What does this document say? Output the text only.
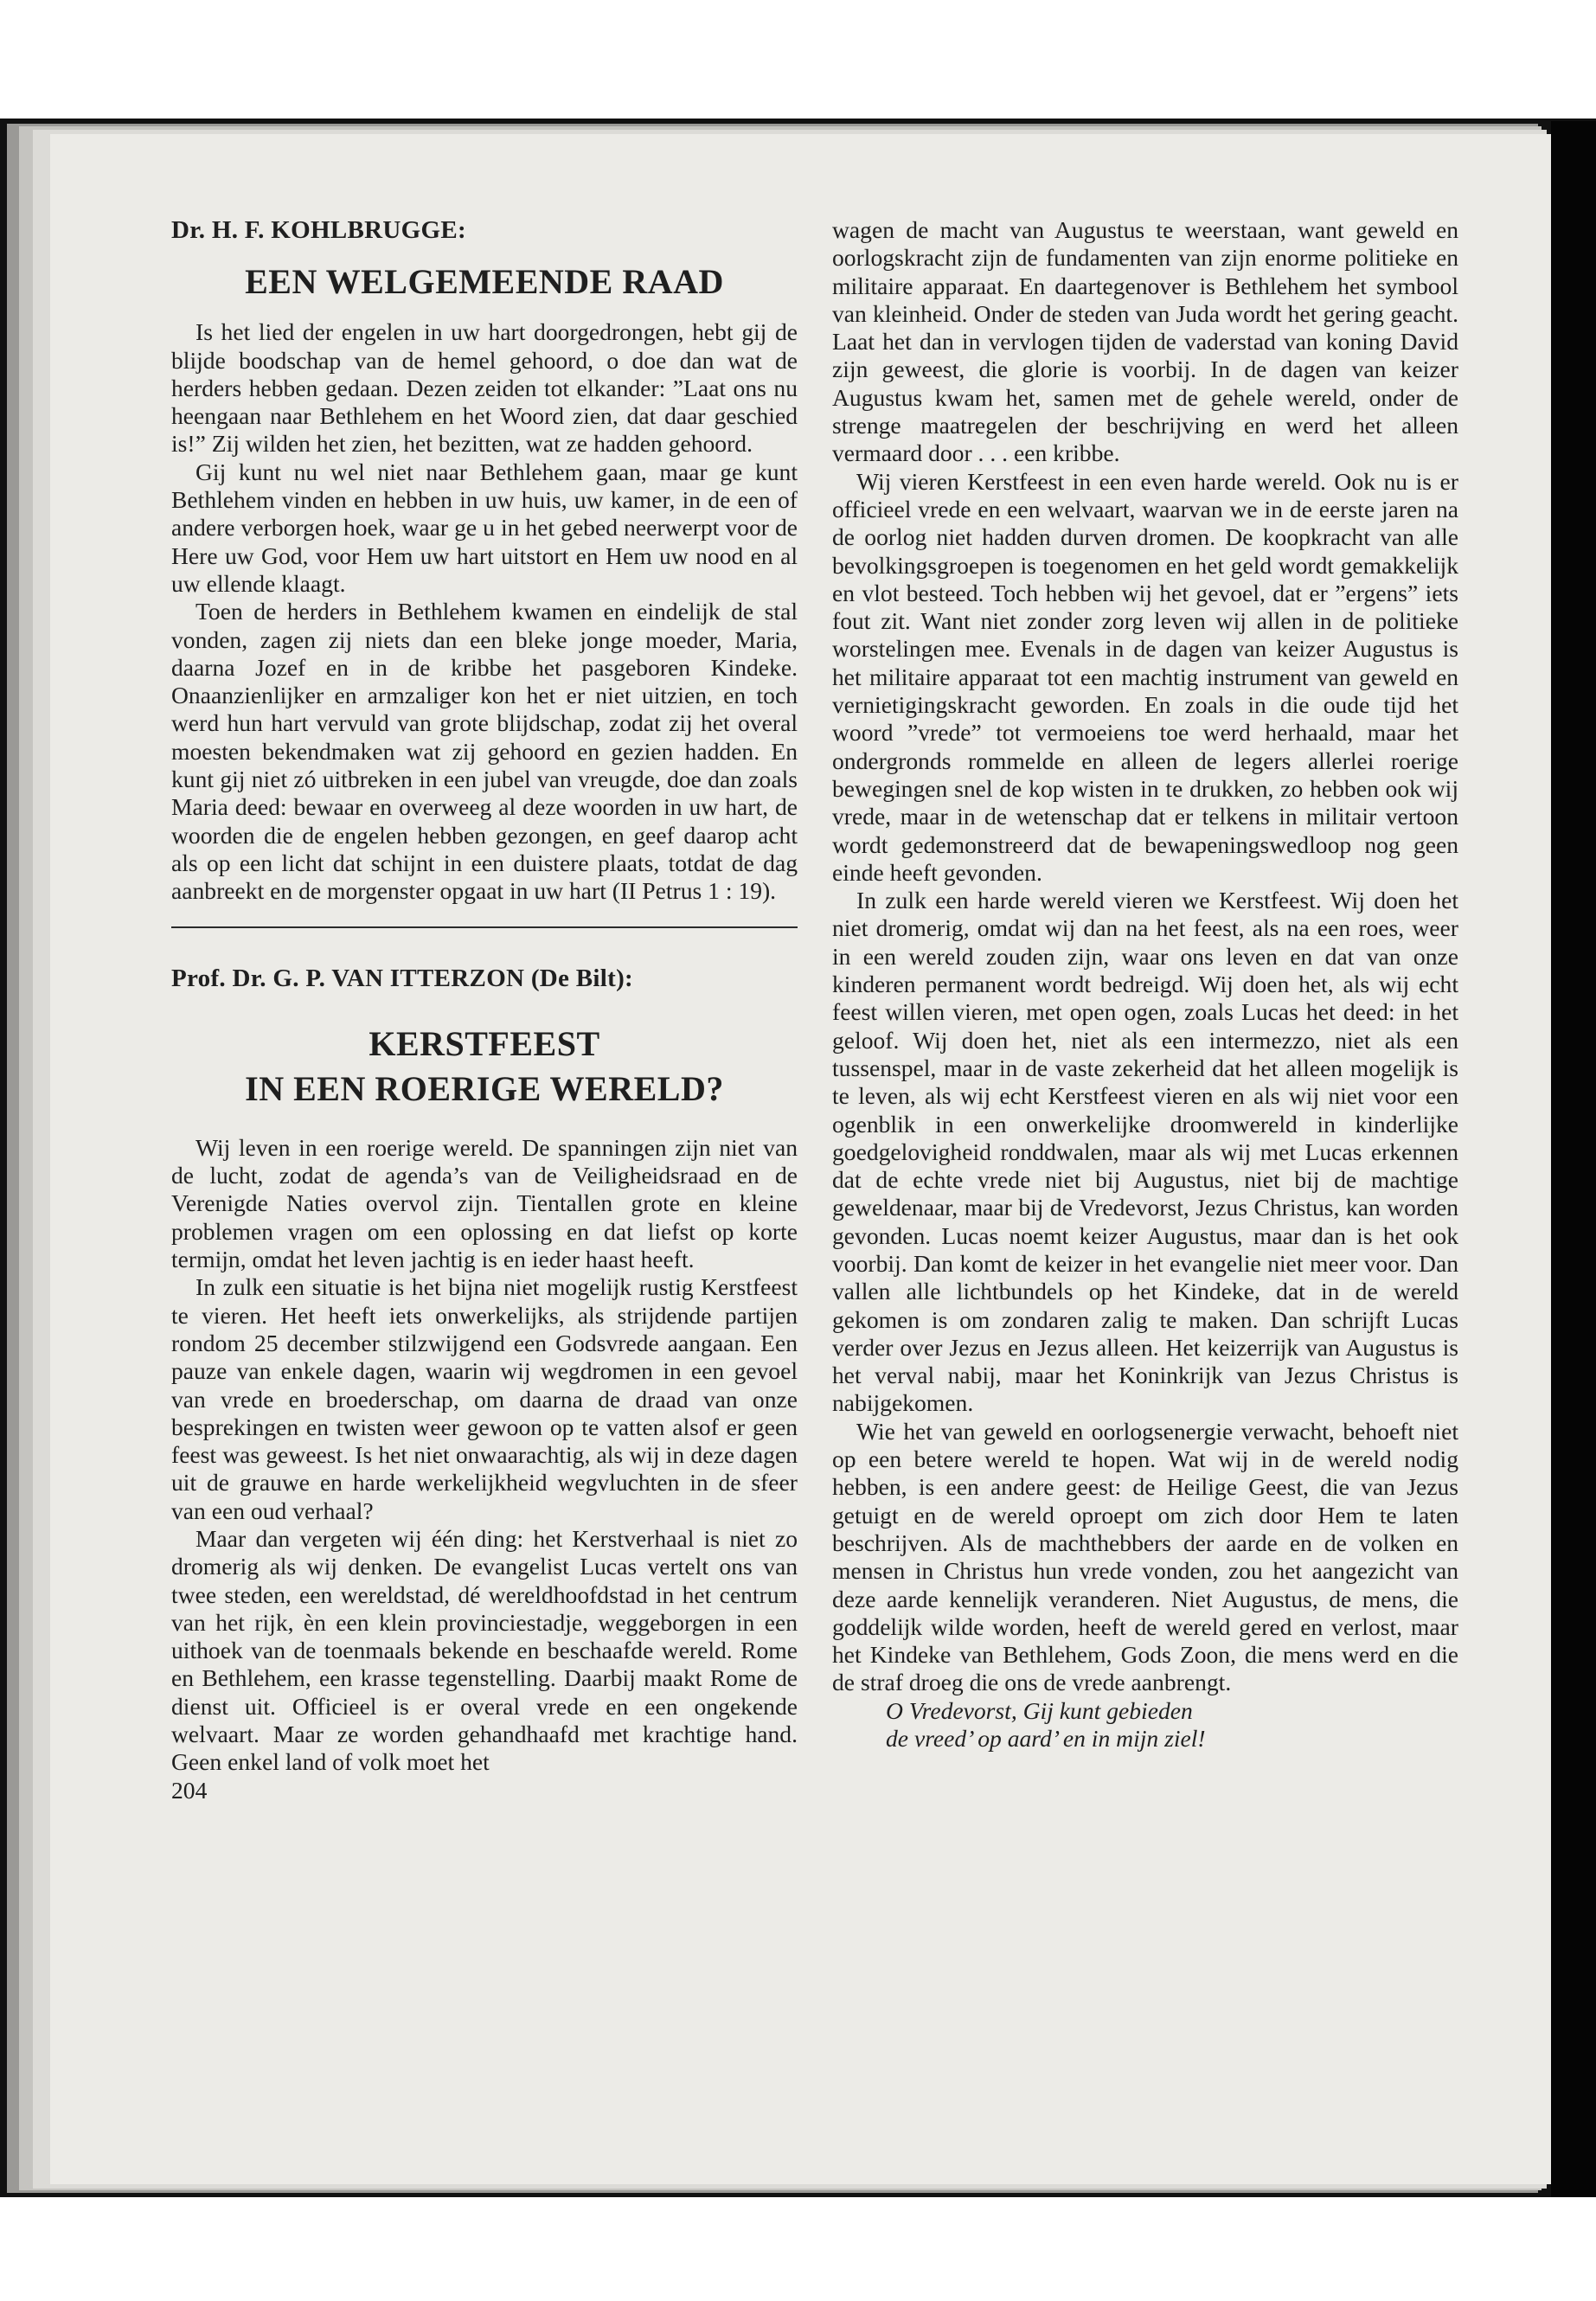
Dr. H. F. KOHLBRUGGE:

EEN WELGEMEENDE RAAD

Is het lied der engelen in uw hart doorgedrongen, hebt gij de blijde boodschap van de hemel gehoord, o doe dan wat de herders hebben gedaan. Dezen zeiden tot elkander: ”Laat ons nu heengaan naar Bethlehem en het Woord zien, dat daar geschied is!” Zij wilden het zien, het bezitten, wat ze hadden gehoord.

Gij kunt nu wel niet naar Bethlehem gaan, maar ge kunt Bethlehem vinden en hebben in uw huis, uw kamer, in de een of andere verborgen hoek, waar ge u in het gebed neerwerpt voor de Here uw God, voor Hem uw hart uitstort en Hem uw nood en al uw ellende klaagt.

Toen de herders in Bethlehem kwamen en eindelijk de stal vonden, zagen zij niets dan een bleke jonge moeder, Maria, daarna Jozef en in de kribbe het pasgeboren Kindeke. Onaanzienlijker en armzaliger kon het er niet uitzien, en toch werd hun hart vervuld van grote blijdschap, zodat zij het overal moesten bekendmaken wat zij gehoord en gezien hadden. En kunt gij niet zó uitbreken in een jubel van vreugde, doe dan zoals Maria deed: bewaar en overweeg al deze woorden in uw hart, de woorden die de engelen hebben gezongen, en geef daarop acht als op een licht dat schijnt in een duistere plaats, totdat de dag aanbreekt en de morgenster opgaat in uw hart (II Petrus 1 : 19).

Prof. Dr. G. P. VAN ITTERZON (De Bilt):

KERSTFEEST

IN EEN ROERIGE WERELD?

Wij leven in een roerige wereld. De spanningen zijn niet van de lucht, zodat de agenda’s van de Veiligheidsraad en de Verenigde Naties overvol zijn. Tientallen grote en kleine problemen vragen om een oplossing en dat liefst op korte termijn, omdat het leven jachtig is en ieder haast heeft.

In zulk een situatie is het bijna niet mogelijk rustig Kerstfeest te vieren. Het heeft iets onwerkelijks, als strijdende partijen rondom 25 december stilzwijgend een Godsvrede aangaan. Een pauze van enkele dagen, waarin wij wegdromen in een gevoel van vrede en broederschap, om daarna de draad van onze besprekingen en twisten weer gewoon op te vatten alsof er geen feest was geweest. Is het niet onwaarachtig, als wij in deze dagen uit de grauwe en harde werkelijkheid wegvluchten in de sfeer van een oud verhaal?

Maar dan vergeten wij één ding: het Kerstverhaal is niet zo dromerig als wij denken. De evangelist Lucas vertelt ons van twee steden, een wereldstad, dé wereldhoofdstad in het centrum van het rijk, èn een klein provinciestadje, weggeborgen in een uithoek van de toenmaals bekende en beschaafde wereld. Rome en Bethlehem, een krasse tegenstelling. Daarbij maakt Rome de dienst uit. Officieel is er overal vrede en een ongekende welvaart. Maar ze worden gehandhaafd met krachtige hand. Geen enkel land of volk moet het

204

wagen de macht van Augustus te weerstaan, want geweld en oorlogskracht zijn de fundamenten van zijn enorme politieke en militaire apparaat. En daartegenover is Bethlehem het symbool van kleinheid. Onder de steden van Juda wordt het gering geacht. Laat het dan in vervlogen tijden de vaderstad van koning David zijn geweest, die glorie is voorbij. In de dagen van keizer Augustus kwam het, samen met de gehele wereld, onder de strenge maatregelen der beschrijving en werd het alleen vermaard door . . . een kribbe.

Wij vieren Kerstfeest in een even harde wereld. Ook nu is er officieel vrede en een welvaart, waarvan we in de eerste jaren na de oorlog niet hadden durven dromen. De koopkracht van alle bevolkingsgroepen is toegenomen en het geld wordt gemakkelijk en vlot besteed. Toch hebben wij het gevoel, dat er ”ergens” iets fout zit. Want niet zonder zorg leven wij allen in de politieke worstelingen mee. Evenals in de dagen van keizer Augustus is het militaire apparaat tot een machtig instrument van geweld en vernietigingskracht geworden. En zoals in die oude tijd het woord ”vrede” tot vermoeiens toe werd herhaald, maar het ondergronds rommelde en alleen de legers allerlei roerige bewegingen snel de kop wisten in te drukken, zo hebben ook wij vrede, maar in de wetenschap dat er telkens in militair vertoon wordt gedemonstreerd dat de bewapeningswedloop nog geen einde heeft gevonden.

In zulk een harde wereld vieren we Kerstfeest. Wij doen het niet dromerig, omdat wij dan na het feest, als na een roes, weer in een wereld zouden zijn, waar ons leven en dat van onze kinderen permanent wordt bedreigd. Wij doen het, als wij echt feest willen vieren, met open ogen, zoals Lucas het deed: in het geloof. Wij doen het, niet als een intermezzo, niet als een tussenspel, maar in de vaste zekerheid dat het alleen mogelijk is te leven, als wij echt Kerstfeest vieren en als wij niet voor een ogenblik in een onwerkelijke droomwereld in kinderlijke goedgelovigheid ronddwalen, maar als wij met Lucas erkennen dat de echte vrede niet bij Augustus, niet bij de machtige geweldenaar, maar bij de Vredevorst, Jezus Christus, kan worden gevonden. Lucas noemt keizer Augustus, maar dan is het ook voorbij. Dan komt de keizer in het evangelie niet meer voor. Dan vallen alle lichtbundels op het Kindeke, dat in de wereld gekomen is om zondaren zalig te maken. Dan schrijft Lucas verder over Jezus en Jezus alleen. Het keizerrijk van Augustus is het verval nabij, maar het Koninkrijk van Jezus Christus is nabijgekomen.

Wie het van geweld en oorlogsenergie verwacht, behoeft niet op een betere wereld te hopen. Wat wij in de wereld nodig hebben, is een andere geest: de Heilige Geest, die van Jezus getuigt en de wereld oproept om zich door Hem te laten beschrijven. Als de machthebbers der aarde en de volken en mensen in Christus hun vrede vonden, zou het aangezicht van deze aarde kennelijk veranderen. Niet Augustus, de mens, die goddelijk wilde worden, heeft de wereld gered en verlost, maar het Kindeke van Bethlehem, Gods Zoon, die mens werd en die de straf droeg die ons de vrede aanbrengt.

O Vredevorst, Gij kunt gebieden

de vreed’ op aard’ en in mijn ziel!
